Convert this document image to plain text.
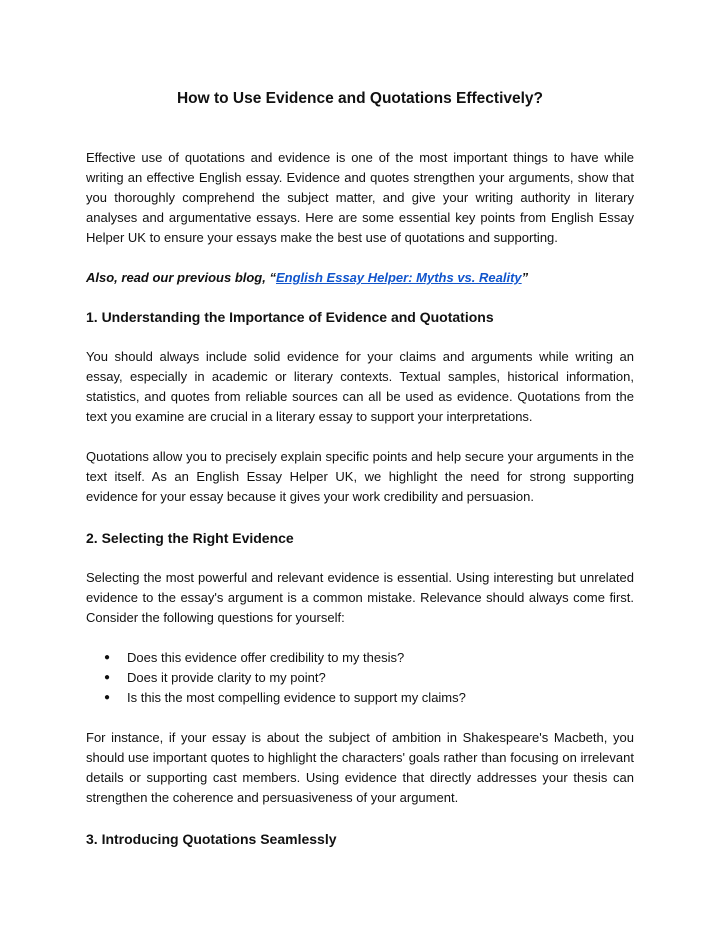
How to Use Evidence and Quotations Effectively?

Effective use of quotations and evidence is one of the most important things to have while writing an effective English essay. Evidence and quotes strengthen your arguments, show that you thoroughly comprehend the subject matter, and give your writing authority in literary analyses and argumentative essays. Here are some essential key points from English Essay Helper UK to ensure your essays make the best use of quotations and supporting.

Also, read our previous blog, “English Essay Helper: Myths vs. Reality”

1. Understanding the Importance of Evidence and Quotations

You should always include solid evidence for your claims and arguments while writing an essay, especially in academic or literary contexts. Textual samples, historical information, statistics, and quotes from reliable sources can all be used as evidence. Quotations from the text you examine are crucial in a literary essay to support your interpretations.

Quotations allow you to precisely explain specific points and help secure your arguments in the text itself. As an English Essay Helper UK, we highlight the need for strong supporting evidence for your essay because it gives your work credibility and persuasion.

2. Selecting the Right Evidence

Selecting the most powerful and relevant evidence is essential. Using interesting but unrelated evidence to the essay's argument is a common mistake. Relevance should always come first. Consider the following questions for yourself:

● Does this evidence offer credibility to my thesis?
● Does it provide clarity to my point?
● Is this the most compelling evidence to support my claims?

For instance, if your essay is about the subject of ambition in Shakespeare's Macbeth, you should use important quotes to highlight the characters' goals rather than focusing on irrelevant details or supporting cast members. Using evidence that directly addresses your thesis can strengthen the coherence and persuasiveness of your argument.

3. Introducing Quotations Seamlessly
